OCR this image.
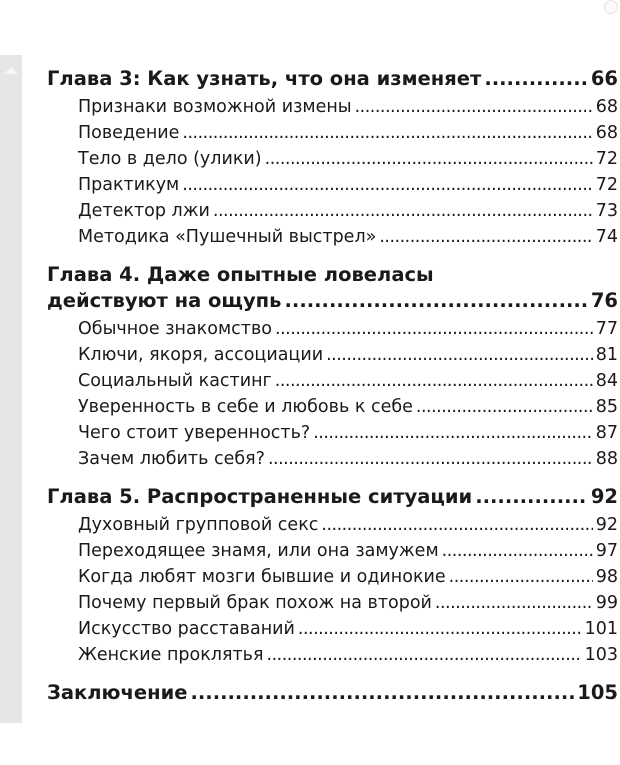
Глава 3: Как узнать, что она изменяет .....	66
Признаки возможной измены .....	68
Поведение .....	68
Тело в дело (улики) .....	72
Практикум .....	72
Детектор лжи .....	73
Методика «Пушечный выстрел» .....	74
Глава 4. Даже опытные ловеласы
действуют на ощупь .....	76
Обычное знакомство .....	77
Ключи, якоря, ассоциации .....	81
Социальный кастинг .....	84
Уверенность в себе и любовь к себе .....	85
Чего стоит уверенность? .....	87
Зачем любить себя? .....	88
Глава 5. Распространенные ситуации .....	92
Духовный групповой секс .....	92
Переходящее знамя, или она замужем .....	97
Когда любят мозги бывшие и одинокие .....	98
Почему первый брак похож на второй .....	99
Искусство расставаний .....	101
Женские проклятья .....	103
Заключение .....	105
